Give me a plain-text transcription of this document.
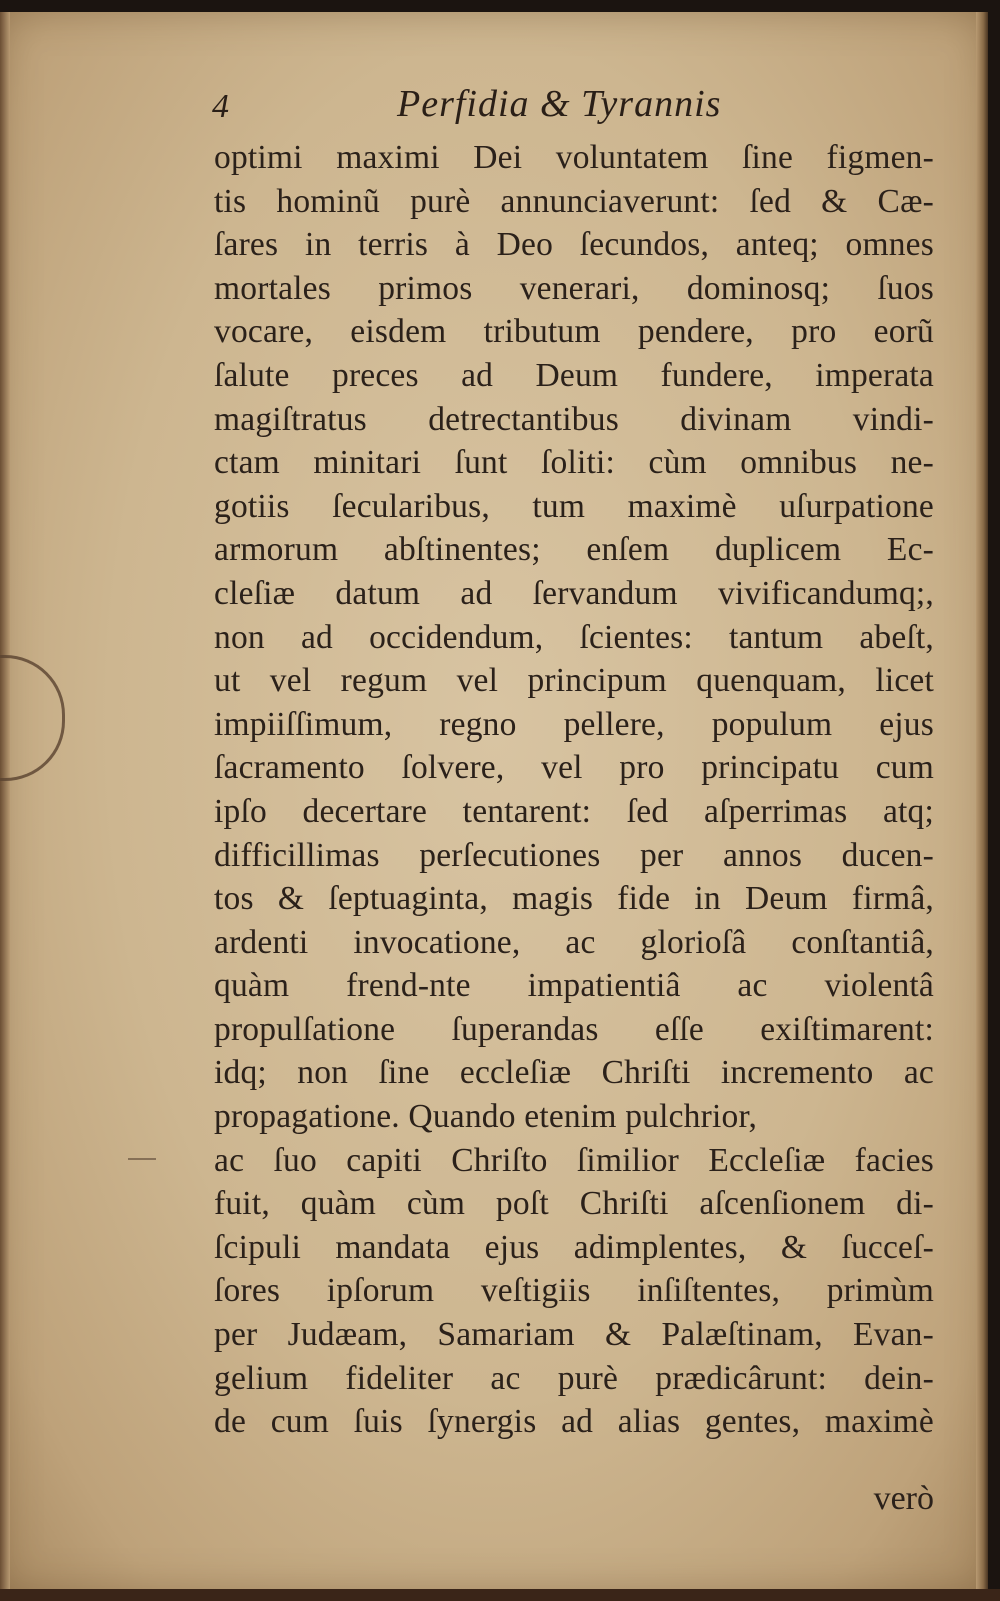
4	Perfidia & Tyrannis
optimi maximi Dei voluntatem ſine figmen-
tis hominũ purè annunciaverunt: ſed & Cæ-
ſares in terris à Deo ſecundos, anteq; omnes
mortales primos venerari, dominosq; ſuos
vocare, eisdem tributum pendere, pro eorũ
ſalute preces ad Deum fundere, imperata
magiſtratus detrectantibus divinam vindi-
ctam minitari ſunt ſoliti: cùm omnibus ne-
gotiis ſecularibus, tum maximè uſurpatione
armorum abſtinentes; enſem duplicem Ec-
cleſiæ datum ad ſervandum vivificandumq;,
non ad occidendum, ſcientes: tantum abeſt,
ut vel regum vel principum quenquam, licet
impiiſſimum, regno pellere, populum ejus
ſacramento ſolvere, vel pro principatu cum
ipſo decertare tentarent: ſed aſperrimas atq;
difficillimas perſecutiones per annos ducen-
tos & ſeptuaginta, magis fide in Deum firmâ,
ardenti invocatione, ac glorioſâ conſtantiâ,
quàm frend-nte impatientiâ ac violentâ
propulſatione ſuperandas eſſe exiſtimarent:
idq; non ſine eccleſiæ Chriſti incremento ac
propagatione. Quando etenim pulchrior,
ac ſuo capiti Chriſto ſimilior Eccleſiæ facies
fuit, quàm cùm poſt Chriſti aſcenſionem di-
ſcipuli mandata ejus adimplentes, & ſucceſ-
ſores ipſorum veſtigiis inſiſtentes, primùm
per Judæam, Samariam & Palæſtinam, Evan-
gelium fideliter ac purè prædicârunt: dein-
de cum ſuis ſynergis ad alias gentes, maximè
verò
